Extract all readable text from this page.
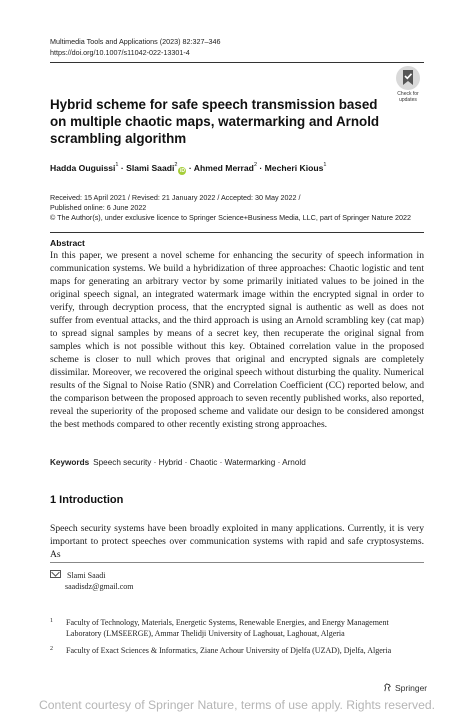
Multimedia Tools and Applications (2023) 82:327–346
https://doi.org/10.1007/s11042-022-13301-4
Check for
updates
Hybrid scheme for safe speech transmission based on multiple chaotic maps, watermarking and Arnold scrambling algorithm
Hadda Ouguissi$^1$ · Slami Saadi$^2$iD · Ahmed Merrad$^2$ · Mecheri Kious$^1$
Received: 15 April 2021 / Revised: 21 January 2022 / Accepted: 30 May 2022 /
Published online: 6 June 2022
© The Author(s), under exclusive licence to Springer Science+Business Media, LLC, part of Springer Nature 2022
Abstract
In this paper, we present a novel scheme for enhancing the security of speech information in communication systems. We build a hybridization of three approaches: Chaotic logistic and tent maps for generating an arbitrary vector by some primarily initiated values to be joined in the original speech signal, an integrated watermark image within the encrypted signal in order to verify, through decryption process, that the encrypted signal is authentic as well as does not suffer from eventual attacks, and the third approach is using an Arnold scrambling key (cat map) to spread signal samples by means of a secret key, then recuperate the original signal from samples which is not possible without this key. Obtained correlation value in the proposed scheme is closer to null which proves that original and encrypted signals are completely dissimilar. Moreover, we recovered the original speech without disturbing the quality. Numerical results of the Signal to Noise Ratio (SNR) and Correlation Coefficient (CC) reported below, and the comparison between the proposed approach to seven recently published works, also reported, reveal the superiority of the proposed scheme and validate our design to be considered amongst the best methods compared to other recently existing strong approaches.
Keywords Speech security · Hybrid · Chaotic · Watermarking · Arnold
1 Introduction
Speech security systems have been broadly exploited in many applications. Currently, it is very important to protect speeches over communication systems with rapid and safe cryptosystems. As
Slami Saadi
saadisdz@gmail.com
1 Faculty of Technology, Materials, Energetic Systems, Renewable Energies, and Energy Management Laboratory (LMSEERGE), Ammar Thelidji University of Laghouat, Laghouat, Algeria
2 Faculty of Exact Sciences & Informatics, Ziane Achour University of Djelfa (UZAD), Djelfa, Algeria
Springer
Content courtesy of Springer Nature, terms of use apply. Rights reserved.
